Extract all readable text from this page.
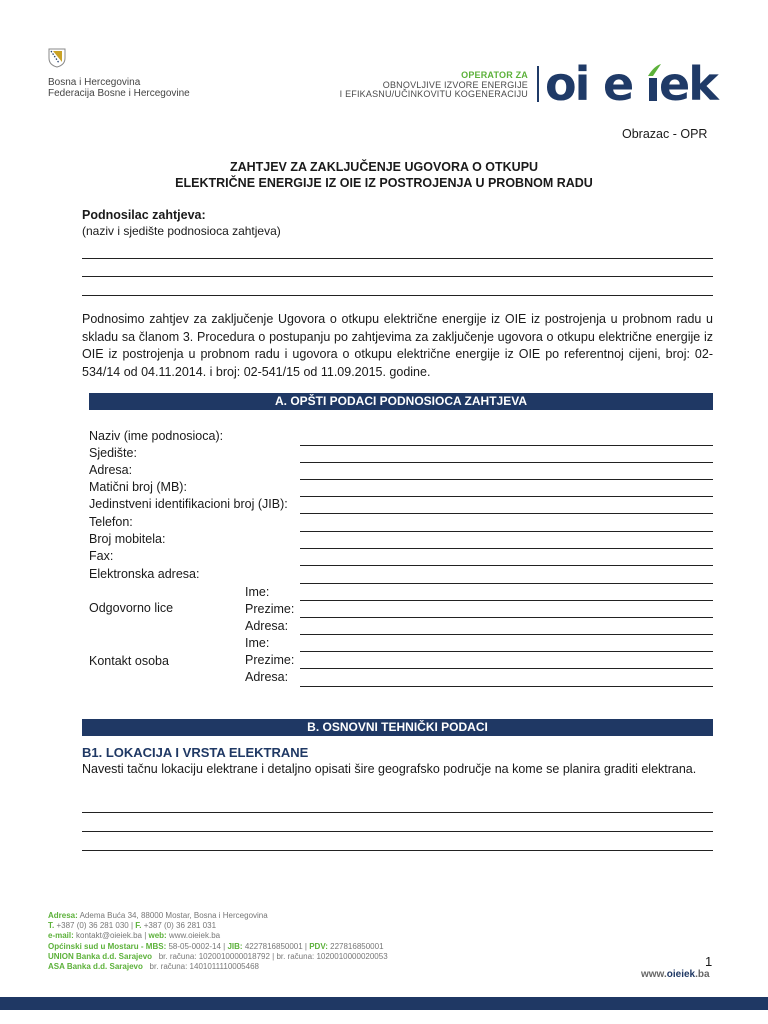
Bosna i Hercegovina
Federacija Bosne i Hercegovine
OPERATOR ZA
OBNOVLJIVE IZVORE ENERGIJE
I EFIKASNU/UČINKOVITU KOGENERACIJU oi e ek
Obrazac - OPR
ZAHTJEV ZA ZAKLJUČENJE UGOVORA O OTKUPU
ELEKTRIČNE ENERGIJE IZ OIE IZ POSTROJENJA U PROBNOM RADU
Podnosilac zahtjeva:
(naziv i sjedište podnosioca zahtjeva)
Podnosimo zahtjev za zaključenje Ugovora o otkupu električne energije iz OIE iz postrojenja u probnom radu u skladu sa članom 3. Procedura o postupanju po zahtjevima za zaključenje ugovora o otkupu električne energije iz OIE iz postrojenja u probnom radu i ugovora o otkupu električne energije iz OIE po referentnoj cijeni, broj: 02-534/14 od 04.11.2014. i broj: 02-541/15 od 11.09.2015. godine.
A. OPŠTI PODACI PODNOSIOCA ZAHTJEVA
Naziv (ime podnosioca):
Sjedište:
Adresa:
Matični broj (MB):
Jedinstveni identifikacioni broj (JIB):
Telefon:
Broj mobitela:
Fax:
Elektronska adresa:
Odgovorno lice
Ime:
Prezime:
Adresa:
Kontakt osoba
Ime:
Prezime:
Adresa:
B. OSNOVNI TEHNIČKI PODACI
B1. LOKACIJA I VRSTA ELEKTRANE
Navesti tačnu lokaciju elektrane i detaljno opisati šire geografsko područje na kome se planira graditi elektrana.
Adresa: Adema Buća 34, 88000 Mostar, Bosna i Hercegovina
T. +387 (0) 36 281 030 | F. +387 (0) 36 281 031
e-mail: kontakt@oieiek.ba | web: www.oieiek.ba
Općinski sud u Mostaru - MBS: 58-05-0002-14 | JIB: 4227816850001 | PDV: 227816850001
UNION Banka d.d. Sarajevo br. računa: 1020010000018792 | br. računa: 1020010000020053
ASA Banka d.d. Sarajevo br. računa: 1401011110005468	1
www.oieiek.ba
